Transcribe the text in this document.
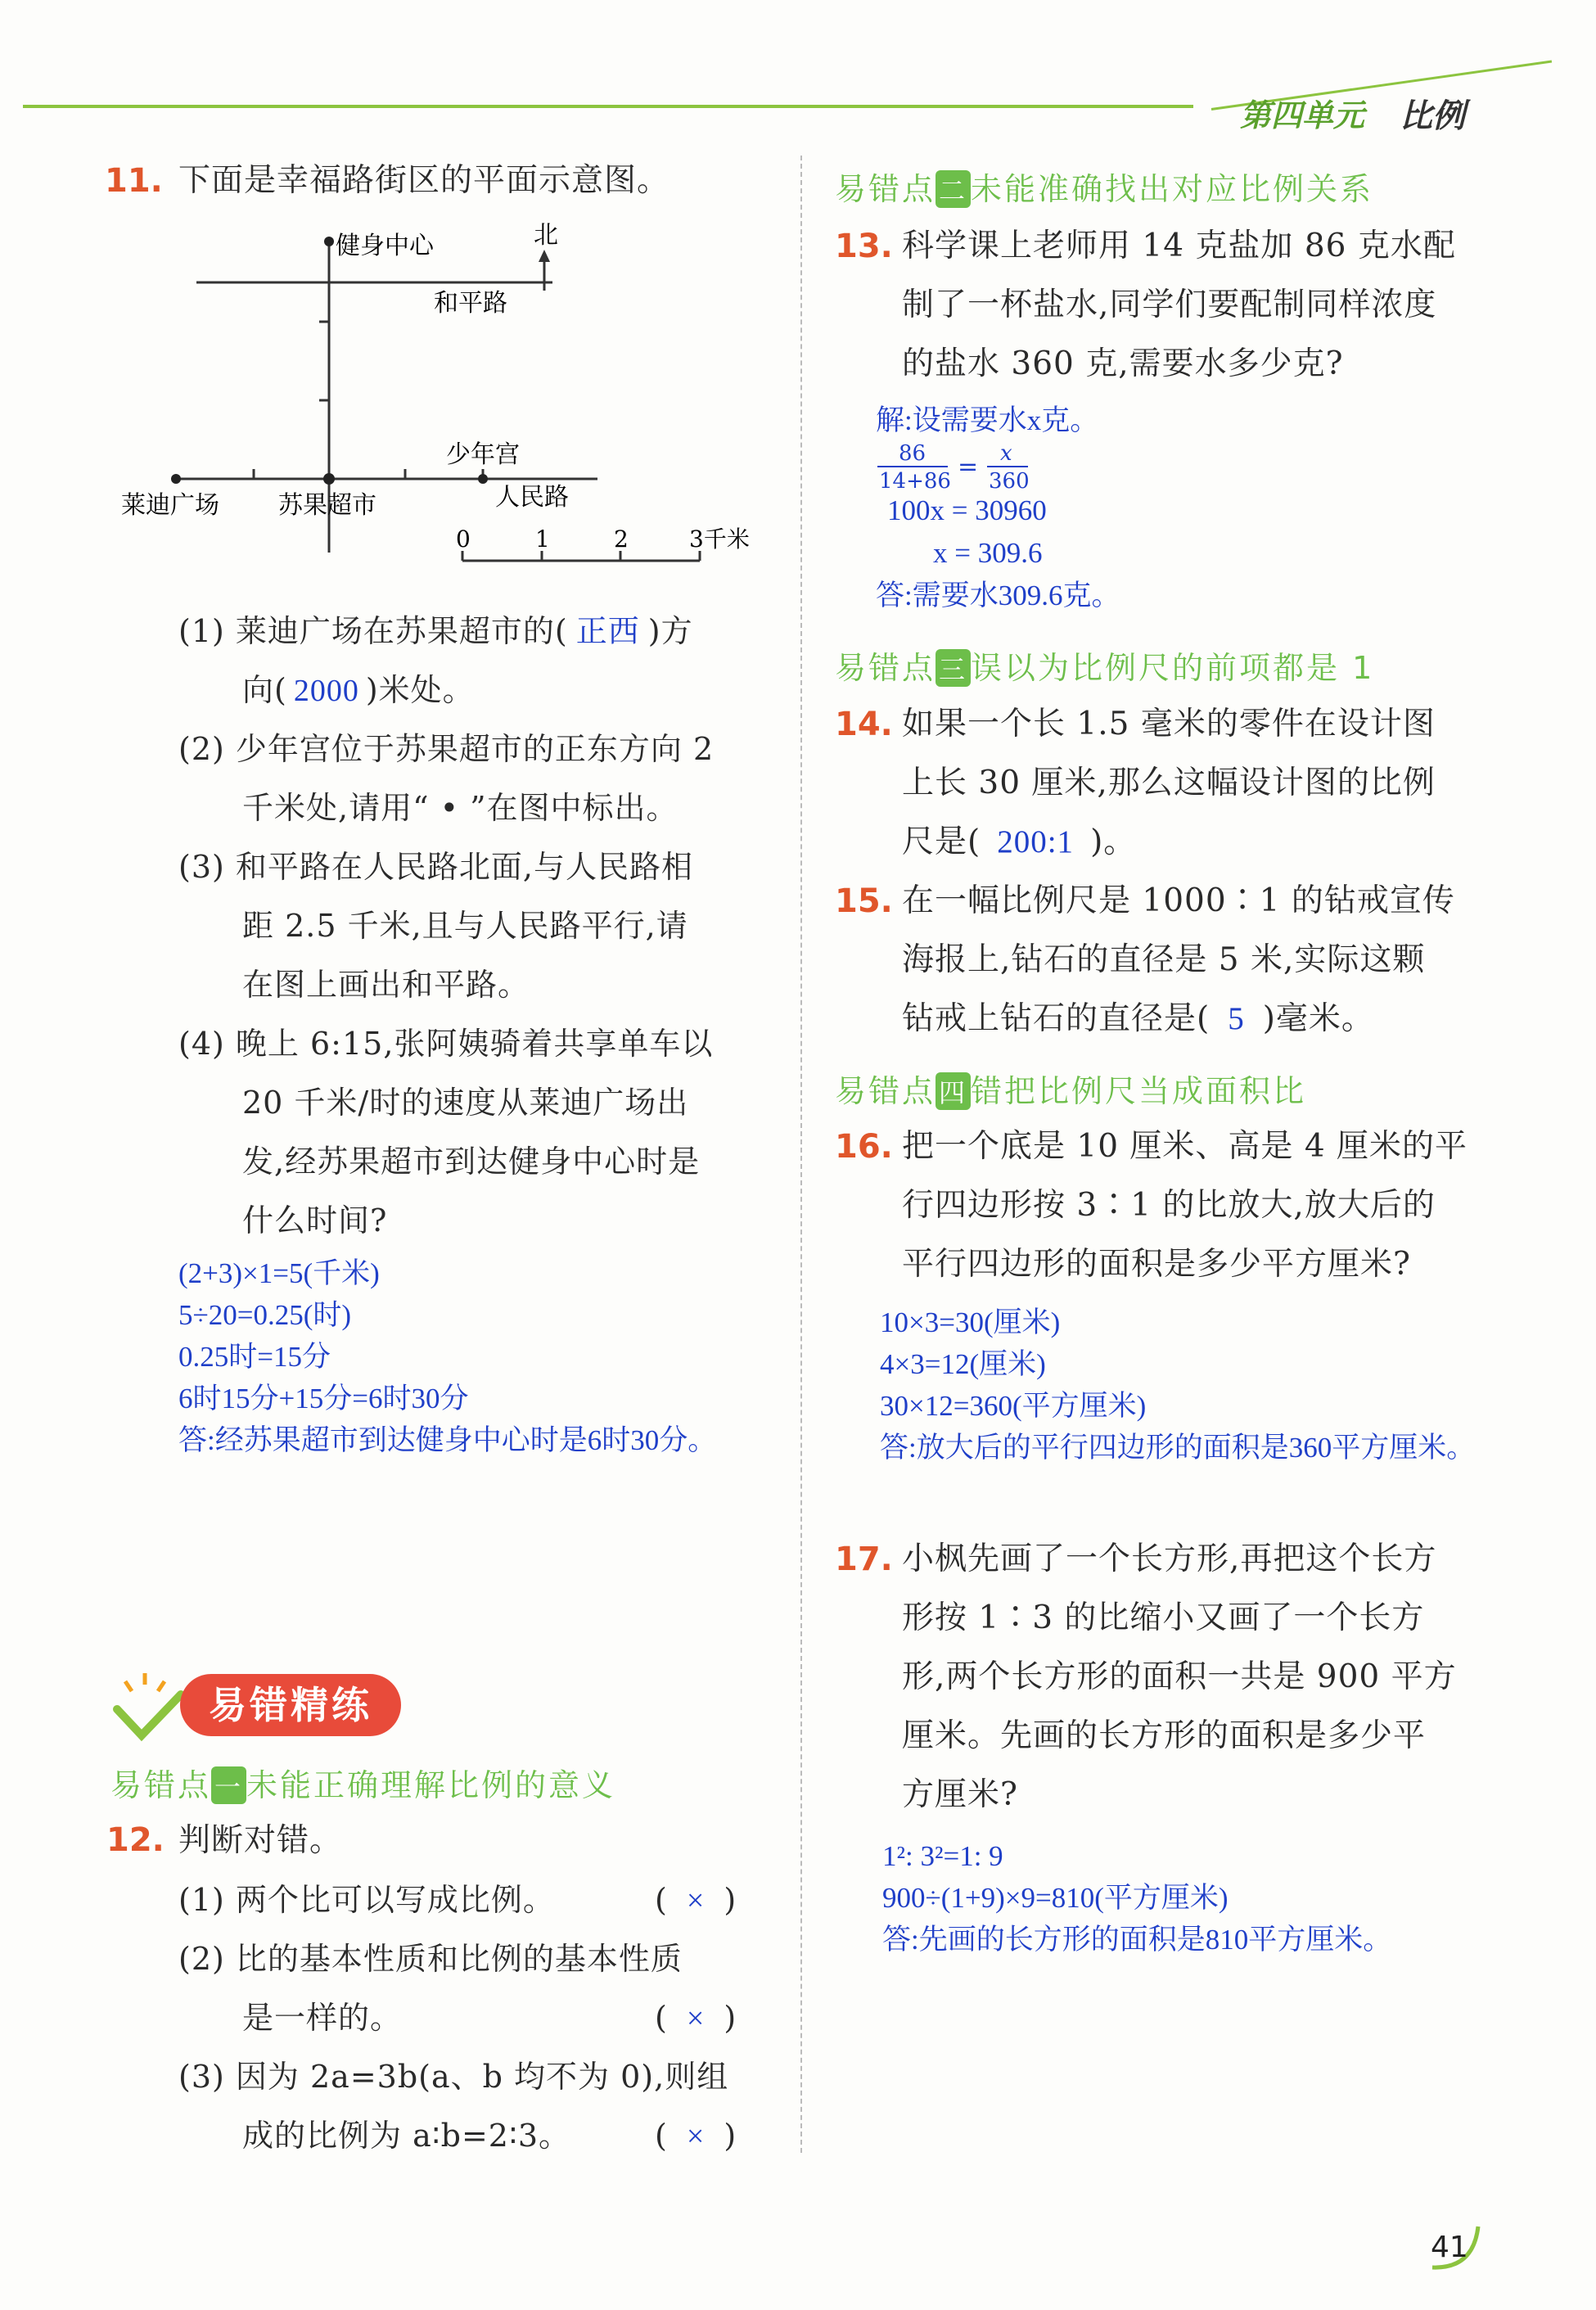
第四单元 比例
11. 下面是幸福路街区的平面示意图。
北
健身中心
和平路
少年宫
莱迪广场 苏果超市	人民路
0	1	2	3千米
(1) 莱迪广场在苏果超市的( 正西 )方
向( 2000 )米处。
(2) 少年宫位于苏果超市的正东方向 2
千米处,请用“ • ”在图中标出。
(3) 和平路在人民路北面,与人民路相
距 2.5 千米,且与人民路平行,请
在图上画出和平路。
(4) 晚上 6:15,张阿姨骑着共享单车以
20 千米/时的速度从莱迪广场出
发,经苏果超市到达健身中心时是
什么时间?
(2+3)×1=5(千米)
5÷20=0.25(时)
0.25时=15分
6时15分+15分=6时30分
答:经苏果超市到达健身中心时是6时30分。
易错精练
易错点 一 未能正确理解比例的意义
12. 判断对错。
(1) 两个比可以写成比例。	( × )
(2) 比的基本性质和比例的基本性质
是一样的。	( × )
(3) 因为 2a=3b(a、b 均不为 0),则组
成的比例为 a∶b=2∶3。	( × )
易错点 二 未能准确找出对应比例关系
13. 科学课上老师用 14 克盐加 86 克水配
制了一杯盐水,同学们要配制同样浓度
的盐水 360 克,需要水多少克?
解:设需要水x克。
86
14+86 = x
360
100x = 30960
x = 309.6
答:需要水309.6克。
易错点 三 误以为比例尺的前项都是 1
14. 如果一个长 1.5 毫米的零件在设计图
上长 30 厘米,那么这幅设计图的比例
尺是( 200:1 )。
15. 在一幅比例尺是 1000∶1 的钻戒宣传
海报上,钻石的直径是 5 米,实际这颗
钻戒上钻石的直径是( 5 )毫米。
易错点 四 错把比例尺当成面积比
16. 把一个底是 10 厘米、高是 4 厘米的平
行四边形按 3∶1 的比放大,放大后的
平行四边形的面积是多少平方厘米?
10×3=30(厘米)
4×3=12(厘米)
30×12=360(平方厘米)
答:放大后的平行四边形的面积是360平方厘米。
17. 小枫先画了一个长方形,再把这个长方
形按 1∶3 的比缩小又画了一个长方
形,两个长方形的面积一共是 900 平方
厘米。先画的长方形的面积是多少平
方厘米?
1²: 3²=1: 9
900÷(1+9)×9=810(平方厘米)
答:先画的长方形的面积是810平方厘米。
41
